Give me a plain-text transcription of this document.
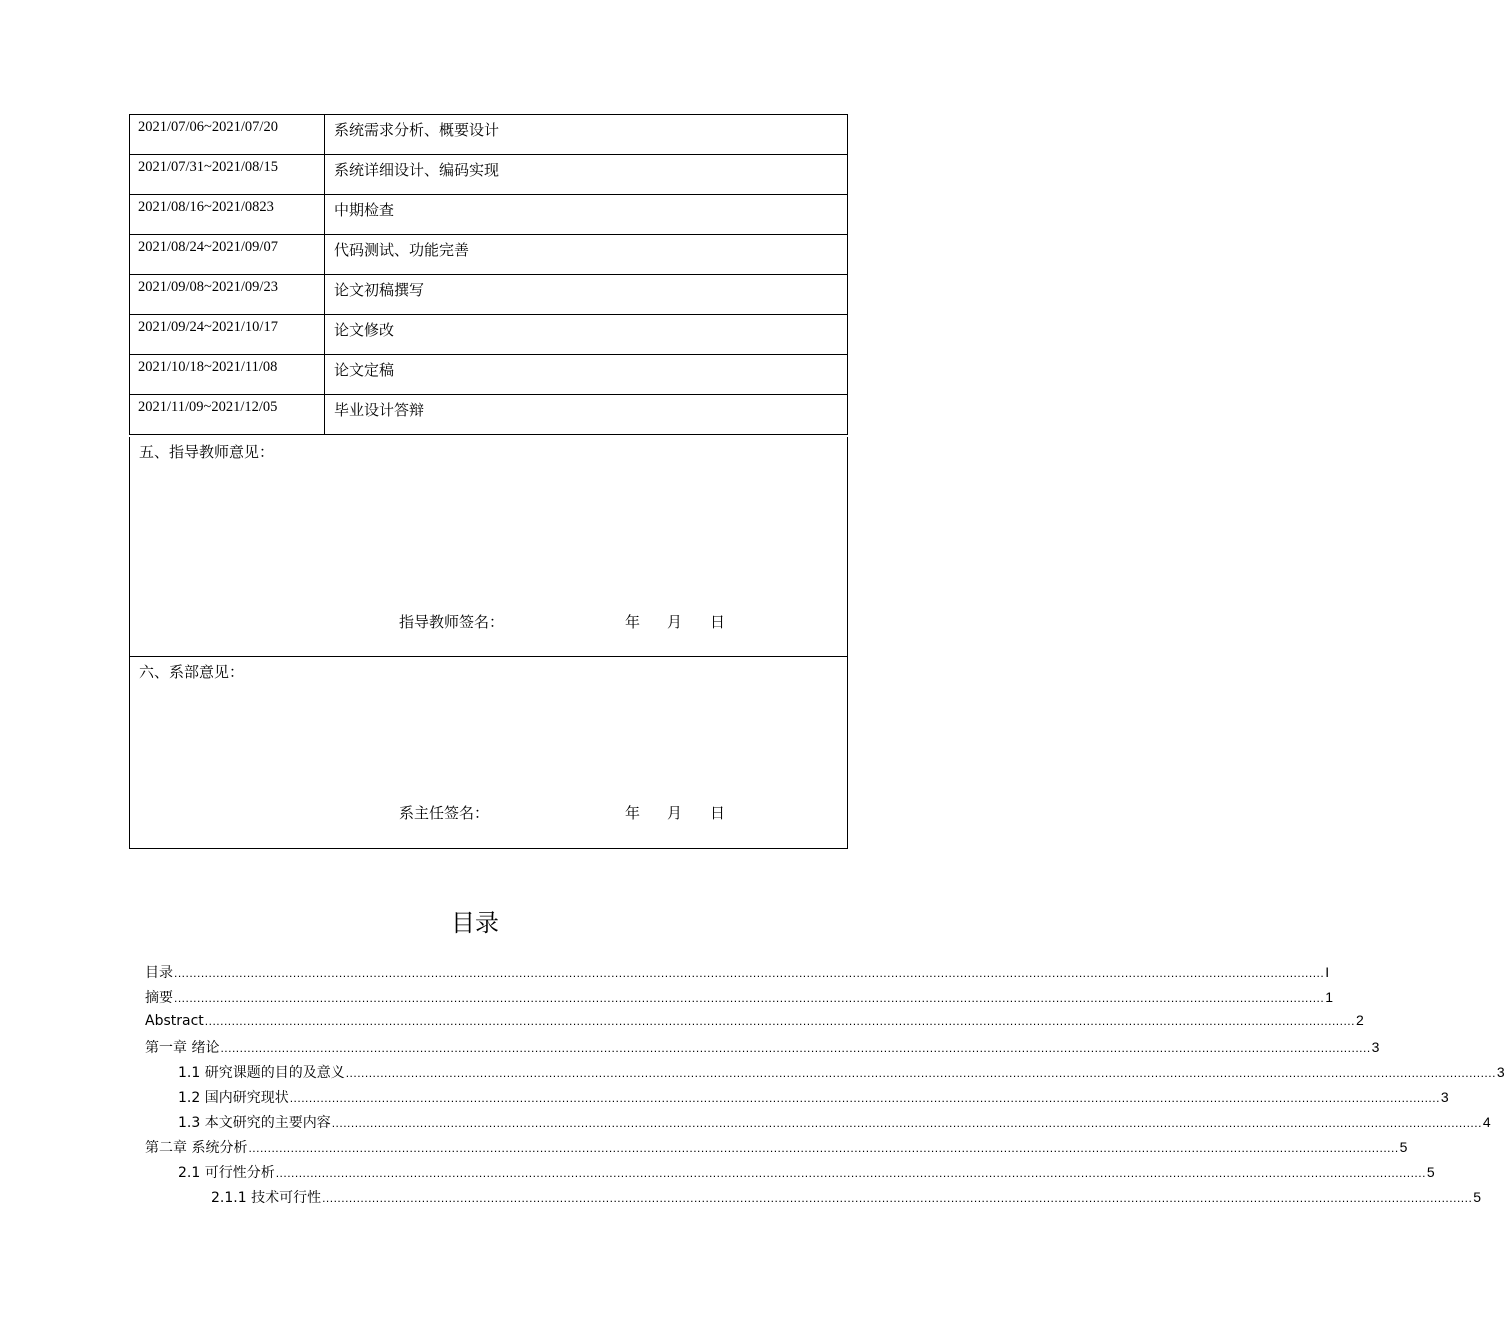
2021/07/06~2021/07/20	系统需求分析、概要设计
2021/07/31~2021/08/15	系统详细设计、编码实现
2021/08/16~2021/0823	中期检查
2021/08/24~2021/09/07	代码测试、功能完善
2021/09/08~2021/09/23	论文初稿撰写
2021/09/24~2021/10/17	论文修改
2021/10/18~2021/11/08	论文定稿
2021/11/09~2021/12/05	毕业设计答辩
五、指导教师意见：
指导教师签名：	年 月 日
六、系部意见：
系主任签名：	年 月 日
目录
目录 ............................................................................................................................................................................................................................................................................................................ I
摘要 ............................................................................................................................................................................................................................................................................................................ 1
Abstract ............................................................................................................................................................................................................................................................................................................ 2
第一章 绪论 ............................................................................................................................................................................................................................................................................................................ 3
1.1 研究课题的目的及意义 ............................................................................................................................................................................................................................................................................................................ 3
1.2 国内研究现状 ............................................................................................................................................................................................................................................................................................................ 3
1.3 本文研究的主要内容 ............................................................................................................................................................................................................................................................................................................ 4
第二章 系统分析 ............................................................................................................................................................................................................................................................................................................ 5
2.1 可行性分析 ............................................................................................................................................................................................................................................................................................................ 5
2.1.1 技术可行性 ............................................................................................................................................................................................................................................................................................................ 5
